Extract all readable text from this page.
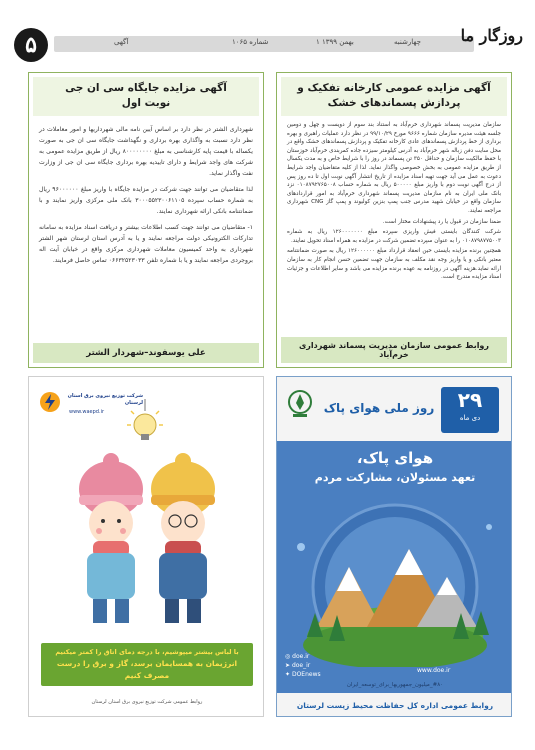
۵	آگهی	شماره ۱۰۶۵	۱ بهمن ۱۳۹۹	چهارشنبه روزگار ما
آگهی مزایده عمومی کارخانه تفکیک و پردازش پسماندهای خشک

سازمان مدیریت پسماند شهرداری خرم‌آباد به استناد بند سوم از دویست و چهل و دومین جلسه هیئت مدیره سازمان شماره ۹۶۶۶ مورخ ۹۹/۱۰/۲۹ در نظر دارد عملیات راهبری و بهره برداری از خط پردازش پسماندهای عادی کارخانه تفکیک و پردازش پسماندهای خشک واقع در محل سایت دفن زباله شهر خرم‌آباد به آدرس کیلومتر سیزده جاده کمربندی خرم‌آباد خوزستان با حفظ مالکیت سازمان و حداقل ۳۵۰ تن پسماند در روز را با شرایط خاص و به مدت یکسال از طریق مزایده عمومی به بخش خصوصی واگذار نماید. لذا از کلیه متقاضیان واجد شرایط دعوت به عمل می آید جهت تهیه اسناد مزایده از تاریخ انتشار آگهی نوبت اول تا ده روز پس از درج آگهی نوبت دوم با واریز مبلغ ۵۰۰۰۰۰ ریال به شماره حساب ۰۱۰۸۷۹۲۷۶۵۰۰۸ نزد بانک ملی ایران به نام سازمان مدیریت پسماند شهرداری خرم‌آباد به امور قراردادهای سازمان واقع در خیابان شهید مدرس جنب پمپ بنزین کولیوند و پمپ گاز CNG شهرداری مراجعه نمایند.

ضمنا سازمان در قبول یا رد پیشنهادات مختار است.

شرکت کنندگان بایستی فیش واریزی سپرده مبلغ ۱۲۶۰۰۰۰۰۰۰ ریال به شماره ۰۱۰۸۷۹۸۷۷۵۰۰۳ را به عنوان سپرده تضمین شرکت در مزایده به همراه اسناد تحویل نمایند.

همچنین برنده مزایده بایستی حین انعقاد قرارداد مبلغ ۱۲۶۰۰۰۰۰۰ ریال به صورت ضمانتنامه معتبر بانکی و یا واریز وجه نقد مکلف به سازمان جهت تضمین حسن انجام کار به سازمان ارائه نماید.هزینه آگهی در روزنامه به عهده برنده مزایده می باشد و سایر اطلاعات و جزئیات اسناد مزایده مندرج است.

روابط عمومی سازمان مدیریت پسماند شهرداری خرم‌آباد
آگهی مزایده جایگاه سی ان جی
نوبت اول

شهرداری الشتر در نظر دارد بر اساس آیین نامه مالی شهرداریها و امور معاملات در نظر دارد نسبت به واگذاری بهره برداری و نگهداشت جایگاه سی ان جی به صورت یکساله با قیمت پایه کارشناسی به مبلغ ۸۰۰۰۰۰۰۰۰ ریال از طریق مزایده عمومی به شرکت های واجد شرایط و دارای تاییدیه بهره برداری جایگاه سی ان جی از وزارت نفت واگذار نماید.

لذا متقاضیان می توانند جهت شرکت در مزایده جایگاه با واریز مبلغ ۹۶۰۰۰۰۰۰ ریال به شماره حساب سپرده ۳۰۰۰۵۵۲۳۰۰۶۱۱۰۵ بانک ملی مرکزی واریز نمایند و با ضمانتنامه بانکی ارائه شهرداری نمایند.

۱- متقاضیان می توانند جهت کسب اطلاعات بیشتر و دریافت اسناد مزایده به سامانه تدارکات الکترونیکی دولت مراجعه نمایند و یا به آدرس استان لرستان شهر الشتر شهرداری به واحد کمیسیون معاملات شهرداری مرکزی واقع در خیابان آیت اله بروجردی مراجعه نمایند و یا با شماره تلفن ۰۶۶۳۲۵۲۳۰۳۳ تماس حاصل فرمایند.

علی یوسفوند–شهردار الشتر
۲۹
دی ماه
روز ملی هوای پاک
هوای پاک،
تعهد مسئولان، مشارکت مردم
◎ doe.ir
➤ doe_ir
✦ DOEnews
www.doe.ir
#۸۰_میلیون_جمهوریها_برای_توسعه_ایران
روابط عمومی اداره کل حفاظت محیط زیست لرستان
شرکت توزیع نیروی برق استان لرستان
www.waepd.ir
با لباس بیشتر میپوشیم، با درجه دمای اتاق را کمتر میکنیم
انرژیمان به همسایمان برسد، گاز و برق را درست مصرف کنیم
روابط عمومی شرکت توزیع نیروی برق استان لرستان
